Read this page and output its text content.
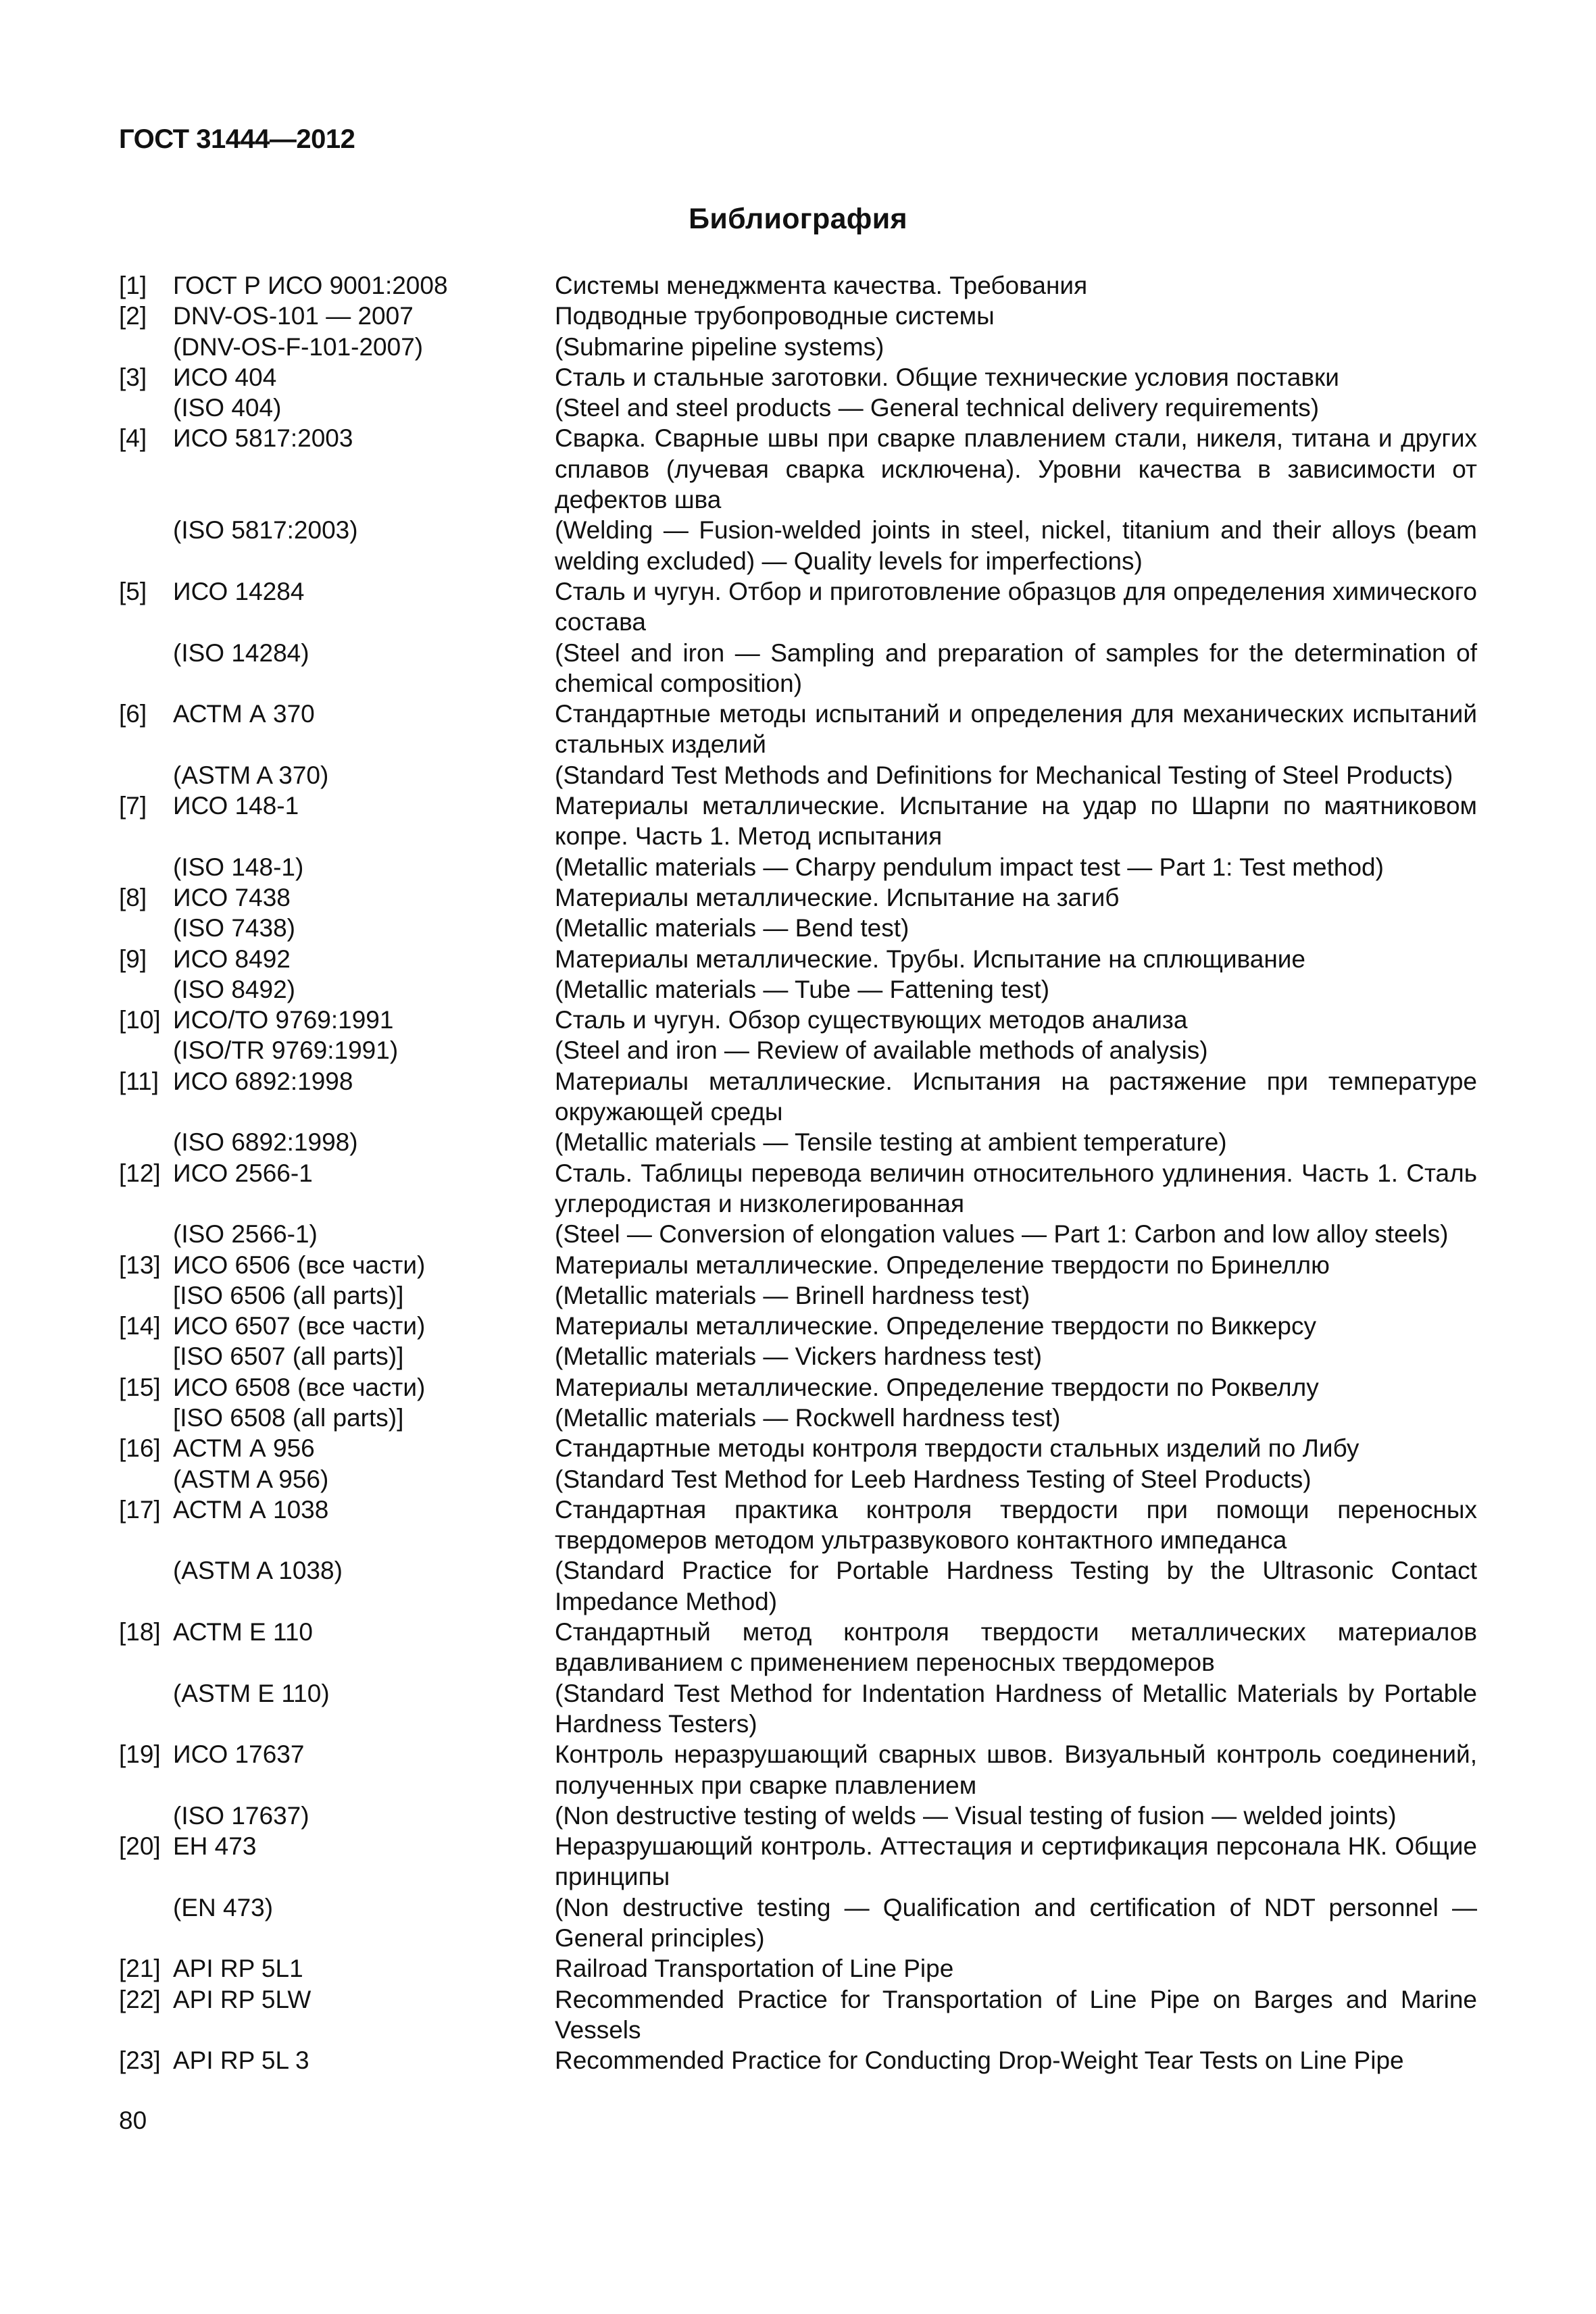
ГОСТ 31444—2012
Библиография
[1]	ГОСТ Р ИСО 9001:2008	Системы менеджмента качества. Требования
[2]	DNV-OS-101 — 2007	Подводные трубопроводные системы
(DNV-OS-F-101-2007)	(Submarine pipeline systems)
[3]	ИСО 404	Сталь и стальные заготовки. Общие технические условия поставки
(ISO 404)	(Steel and steel products — General technical delivery requirements)
[4]	ИСО 5817:2003	Сварка. Сварные швы при сварке плавлением стали, никеля, титана и других сплавов (лучевая сварка исключена). Уровни качества в зависимости от дефектов шва
(ISO 5817:2003)	(Welding — Fusion-welded joints in steel, nickel, titanium and their alloys (beam welding excluded) — Quality levels for imperfections)
[5]	ИСО 14284	Сталь и чугун. Отбор и приготовление образцов для определения химического состава
(ISO 14284)	(Steel and iron — Sampling and preparation of samples for the determination of chemical composition)
[6]	АСТМ А 370	Стандартные методы испытаний и определения для механических испытаний стальных изделий
(ASTM A 370)	(Standard Test Methods and Definitions for Mechanical Testing of Steel Products)
[7]	ИСО 148-1	Материалы металлические. Испытание на удар по Шарпи по маятниковом копре. Часть 1. Метод испытания
(ISO 148-1)	(Metallic materials — Charpy pendulum impact test — Part 1: Test method)
[8]	ИСО 7438	Материалы металлические. Испытание на загиб
(ISO 7438)	(Metallic materials — Bend test)
[9]	ИСО 8492	Материалы металлические. Трубы. Испытание на сплющивание
(ISO 8492)	(Metallic materials — Tube — Fattening test)
[10] ИСО/ТО 9769:1991	Сталь и чугун. Обзор существующих методов анализа
(ISO/TR 9769:1991)	(Steel and iron — Review of available methods of analysis)
[11] ИСО 6892:1998	Материалы металлические. Испытания на растяжение при температуре окружающей среды
(ISO 6892:1998)	(Metallic materials — Tensile testing at ambient temperature)
[12] ИСО 2566-1	Сталь. Таблицы перевода величин относительного удлинения. Часть 1. Сталь углеродистая и низколегированная
(ISO 2566-1)	(Steel — Conversion of elongation values — Part 1: Carbon and low alloy steels)
[13] ИСО 6506 (все части)	Материалы металлические. Определение твердости по Бринеллю
[ISO 6506 (all parts)]	(Metallic materials — Brinell hardness test)
[14] ИСО 6507 (все части)	Материалы металлические. Определение твердости по Виккерсу
[ISO 6507 (all parts)]	(Metallic materials — Vickers hardness test)
[15] ИСО 6508 (все части)	Материалы металлические. Определение твердости по Роквеллу
[ISO 6508 (all parts)]	(Metallic materials — Rockwell hardness test)
[16] АСТМ А 956	Стандартные методы контроля твердости стальных изделий по Либу
(ASTM A 956)	(Standard Test Method for Leeb Hardness Testing of Steel Products)
[17] АСТМ А 1038	Стандартная практика контроля твердости при помощи переносных твердомеров методом ультразвукового контактного импеданса
(ASTM A 1038)	(Standard Practice for Portable Hardness Testing by the Ultrasonic Contact Impedance Method)
[18] АСТМ Е 110	Стандартный метод контроля твердости металлических материалов вдавливанием с применением переносных твердомеров
(ASTM E 110)	(Standard Test Method for Indentation Hardness of Metallic Materials by Portable Hardness Testers)
[19] ИСО 17637	Контроль неразрушающий сварных швов. Визуальный контроль соединений, полученных при сварке плавлением
(ISO 17637)	(Non destructive testing of welds — Visual testing of fusion — welded joints)
[20] ЕН 473	Неразрушающий контроль. Аттестация и сертификация персонала НК. Общие принципы
(EN 473)	(Non destructive testing — Qualification and certification of NDT personnel — General principles)
[21] API RP 5L1	Railroad Transportation of Line Pipe
[22] API RP 5LW	Recommended Practice for Transportation of Line Pipe on Barges and Marine Vessels
[23] API RP 5L 3	Recommended Practice for Conducting Drop-Weight Tear Tests on Line Pipe
80
